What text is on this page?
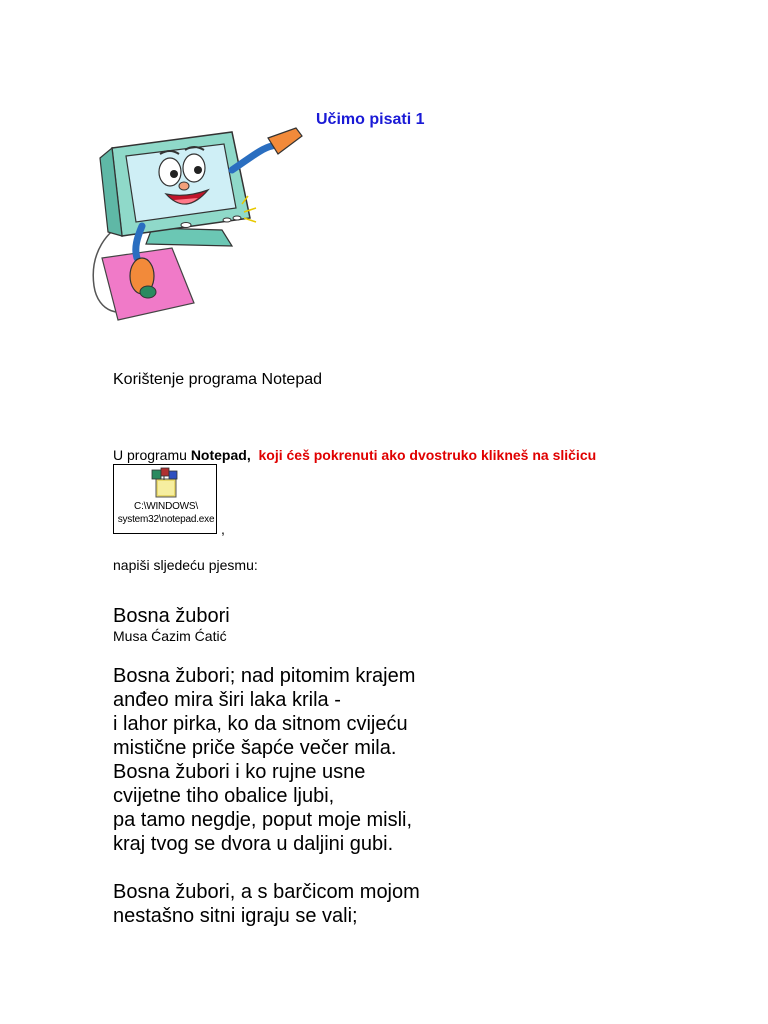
Učimo pisati 1
Korištenje programa Notepad
U programu Notepad, koji ćeš pokrenuti ako dvostruko klikneš na sličicu
C:\WINDOWS\
system32\notepad.exe
,
napiši sljedeću pjesmu:
Bosna žubori
Musa Ćazim Ćatić
Bosna žubori; nad pitomim krajem
anđeo mira širi laka krila -
i lahor pirka, ko da sitnom cvijeću
mistične priče šapće večer mila.
Bosna žubori i ko rujne usne
cvijetne tiho obalice ljubi,
pa tamo negdje, poput moje misli,
kraj tvog se dvora u daljini gubi.
Bosna žubori, a s barčicom mojom
nestašno sitni igraju se vali;
